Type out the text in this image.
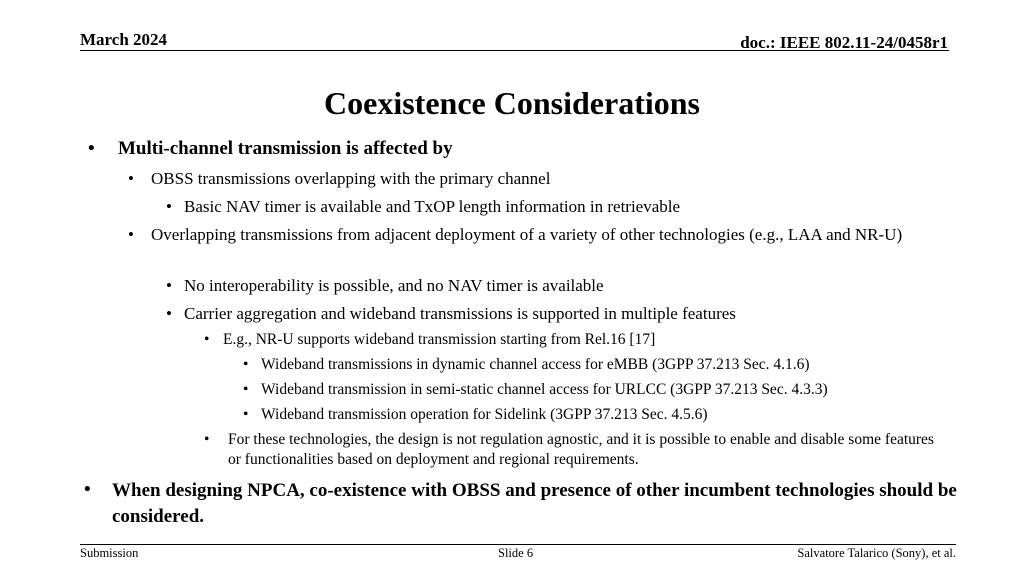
March 2024	doc.: IEEE 802.11-24/0458r1
Coexistence Considerations
• Multi-channel transmission is affected by
• OBSS transmissions overlapping with the primary channel
• Basic NAV timer is available and TxOP length information in retrievable
• Overlapping transmissions from adjacent deployment of a variety of other technologies (e.g., LAA and NR-U)
• No interoperability is possible, and no NAV timer is available
• Carrier aggregation and wideband transmissions is supported in multiple features
• E.g., NR-U supports wideband transmission starting from Rel.16 [17]
• Wideband transmissions in dynamic channel access for eMBB (3GPP 37.213 Sec. 4.1.6)
• Wideband transmission in semi-static channel access for URLCC (3GPP 37.213 Sec. 4.3.3)
• Wideband transmission operation for Sidelink (3GPP 37.213 Sec. 4.5.6)
• For these technologies, the design is not regulation agnostic, and it is possible to enable and disable some features or functionalities based on deployment and regional requirements.
• When designing NPCA, co-existence with OBSS and presence of other incumbent technologies should be considered.
Submission	Slide 6	Salvatore Talarico (Sony), et al.
